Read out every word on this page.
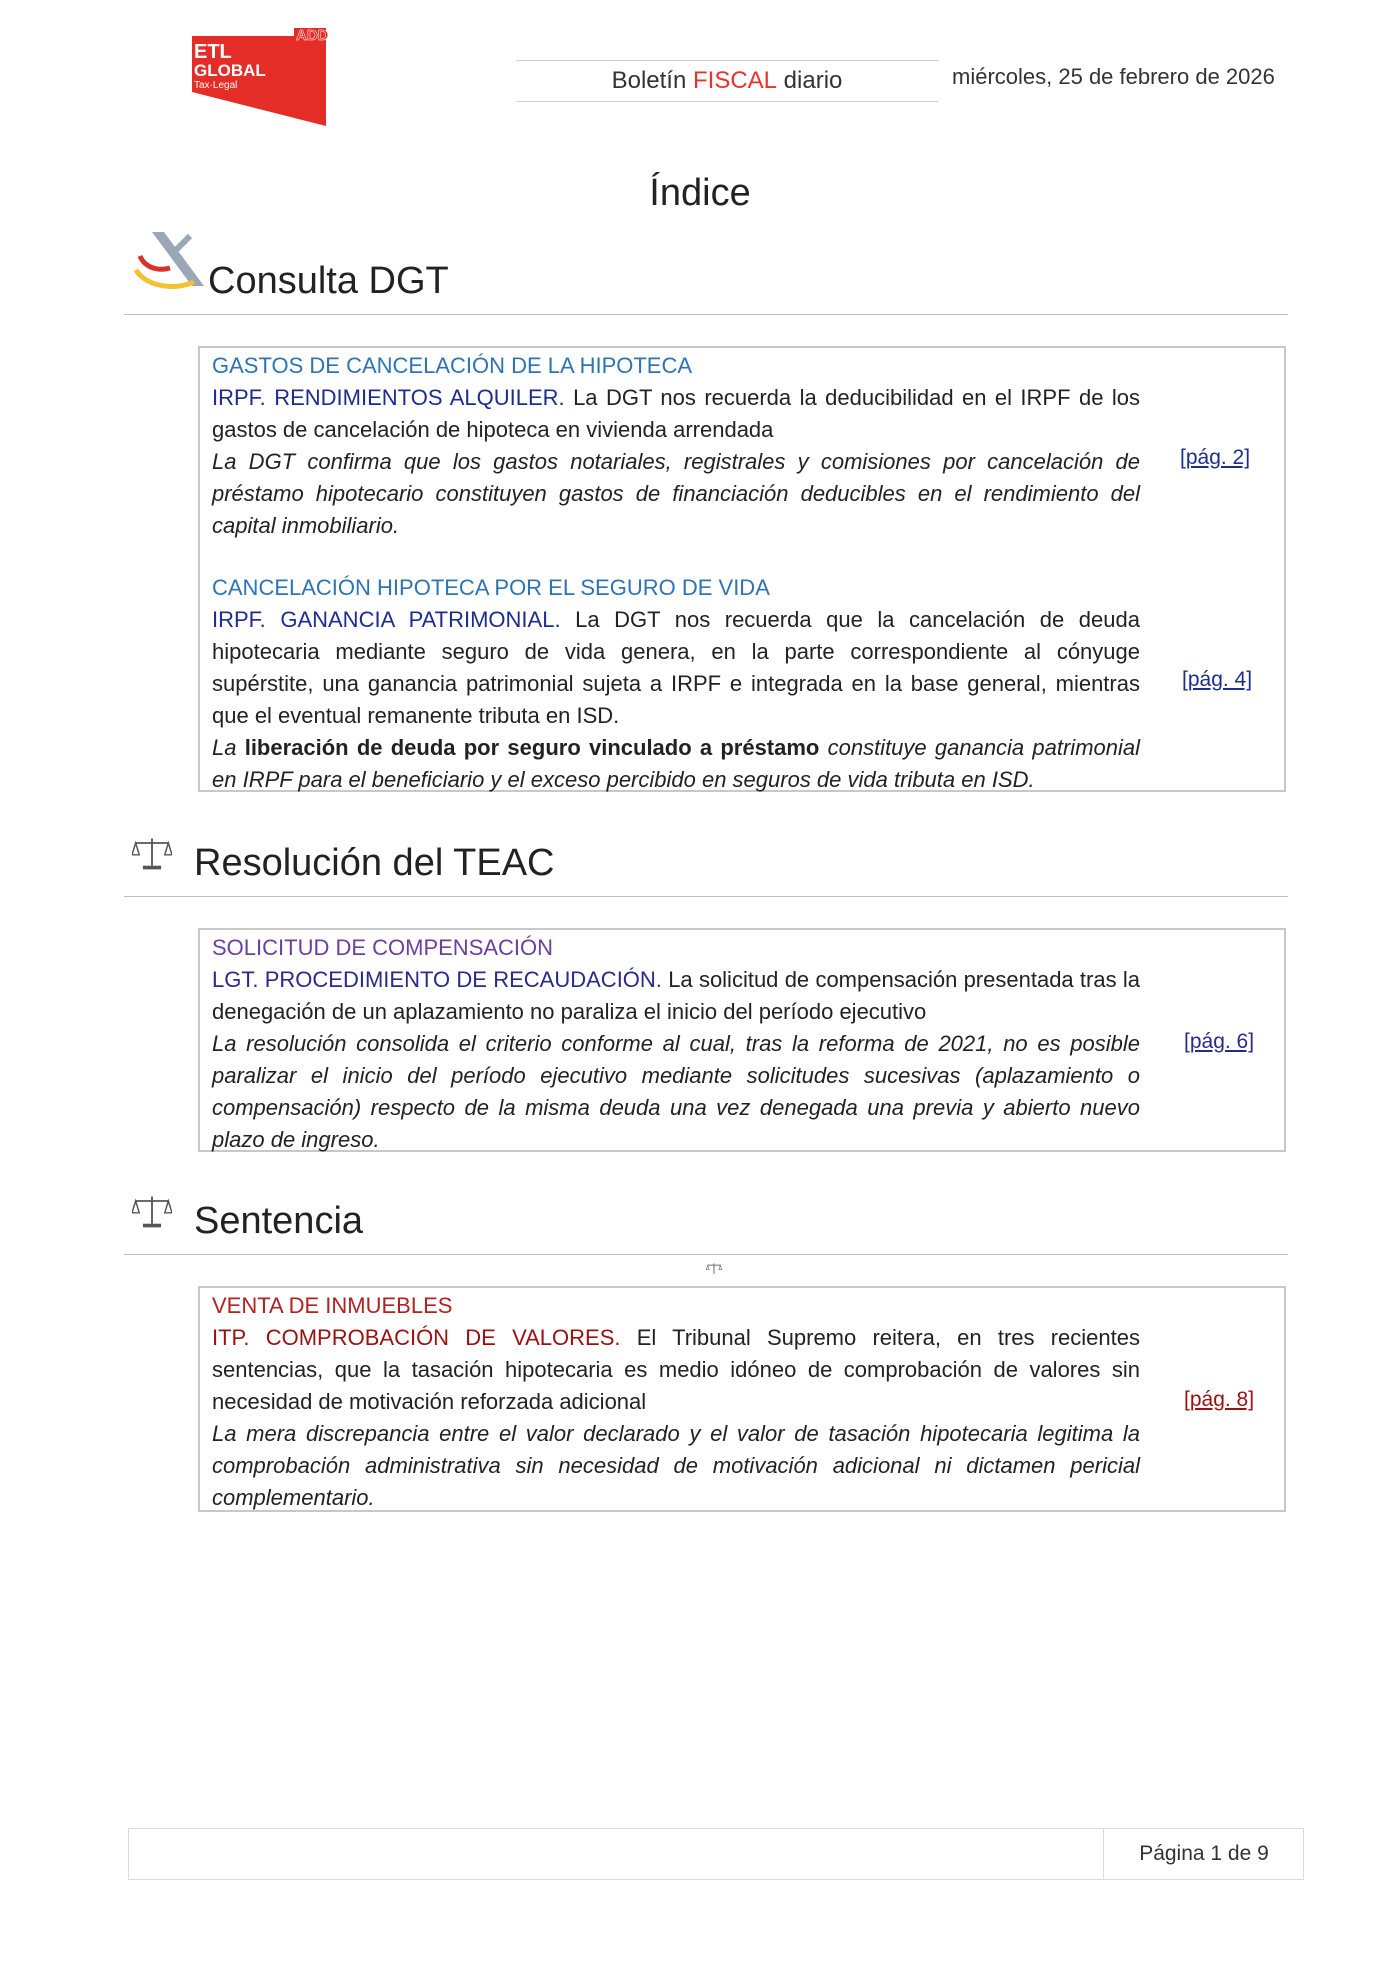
ADD
ETL
GLOBAL
Tax·Legal	Boletín FISCAL diario	miércoles, 25 de febrero de 2026
Índice
Consulta DGT
GASTOS DE CANCELACIÓN DE LA HIPOTECA
IRPF. RENDIMIENTOS ALQUILER. La DGT nos recuerda la deducibilidad en el IRPF de los gastos de cancelación de hipoteca en vivienda arrendada
La DGT confirma que los gastos notariales, registrales y comisiones por cancelación de préstamo hipotecario constituyen gastos de financiación deducibles en el rendimiento del capital inmobiliario.
[pág. 2]
CANCELACIÓN HIPOTECA POR EL SEGURO DE VIDA
IRPF. GANANCIA PATRIMONIAL. La DGT nos recuerda que la cancelación de deuda hipotecaria mediante seguro de vida genera, en la parte correspondiente al cónyuge supérstite, una ganancia patrimonial sujeta a IRPF e integrada en la base general, mientras que el eventual remanente tributa en ISD.
La liberación de deuda por seguro vinculado a préstamo constituye ganancia patrimonial en IRPF para el beneficiario y el exceso percibido en seguros de vida tributa en ISD.
[pág. 4]
Resolución del TEAC
SOLICITUD DE COMPENSACIÓN
LGT. PROCEDIMIENTO DE RECAUDACIÓN. La solicitud de compensación presentada tras la denegación de un aplazamiento no paraliza el inicio del período ejecutivo
La resolución consolida el criterio conforme al cual, tras la reforma de 2021, no es posible paralizar el inicio del período ejecutivo mediante solicitudes sucesivas (aplazamiento o compensación) respecto de la misma deuda una vez denegada una previa y abierto nuevo plazo de ingreso.
[pág. 6]
Sentencia
VENTA DE INMUEBLES
ITP. COMPROBACIÓN DE VALORES. El Tribunal Supremo reitera, en tres recientes sentencias, que la tasación hipotecaria es medio idóneo de comprobación de valores sin necesidad de motivación reforzada adicional
La mera discrepancia entre el valor declarado y el valor de tasación hipotecaria legitima la comprobación administrativa sin necesidad de motivación adicional ni dictamen pericial complementario.
[pág. 8]
Página 1 de 9
